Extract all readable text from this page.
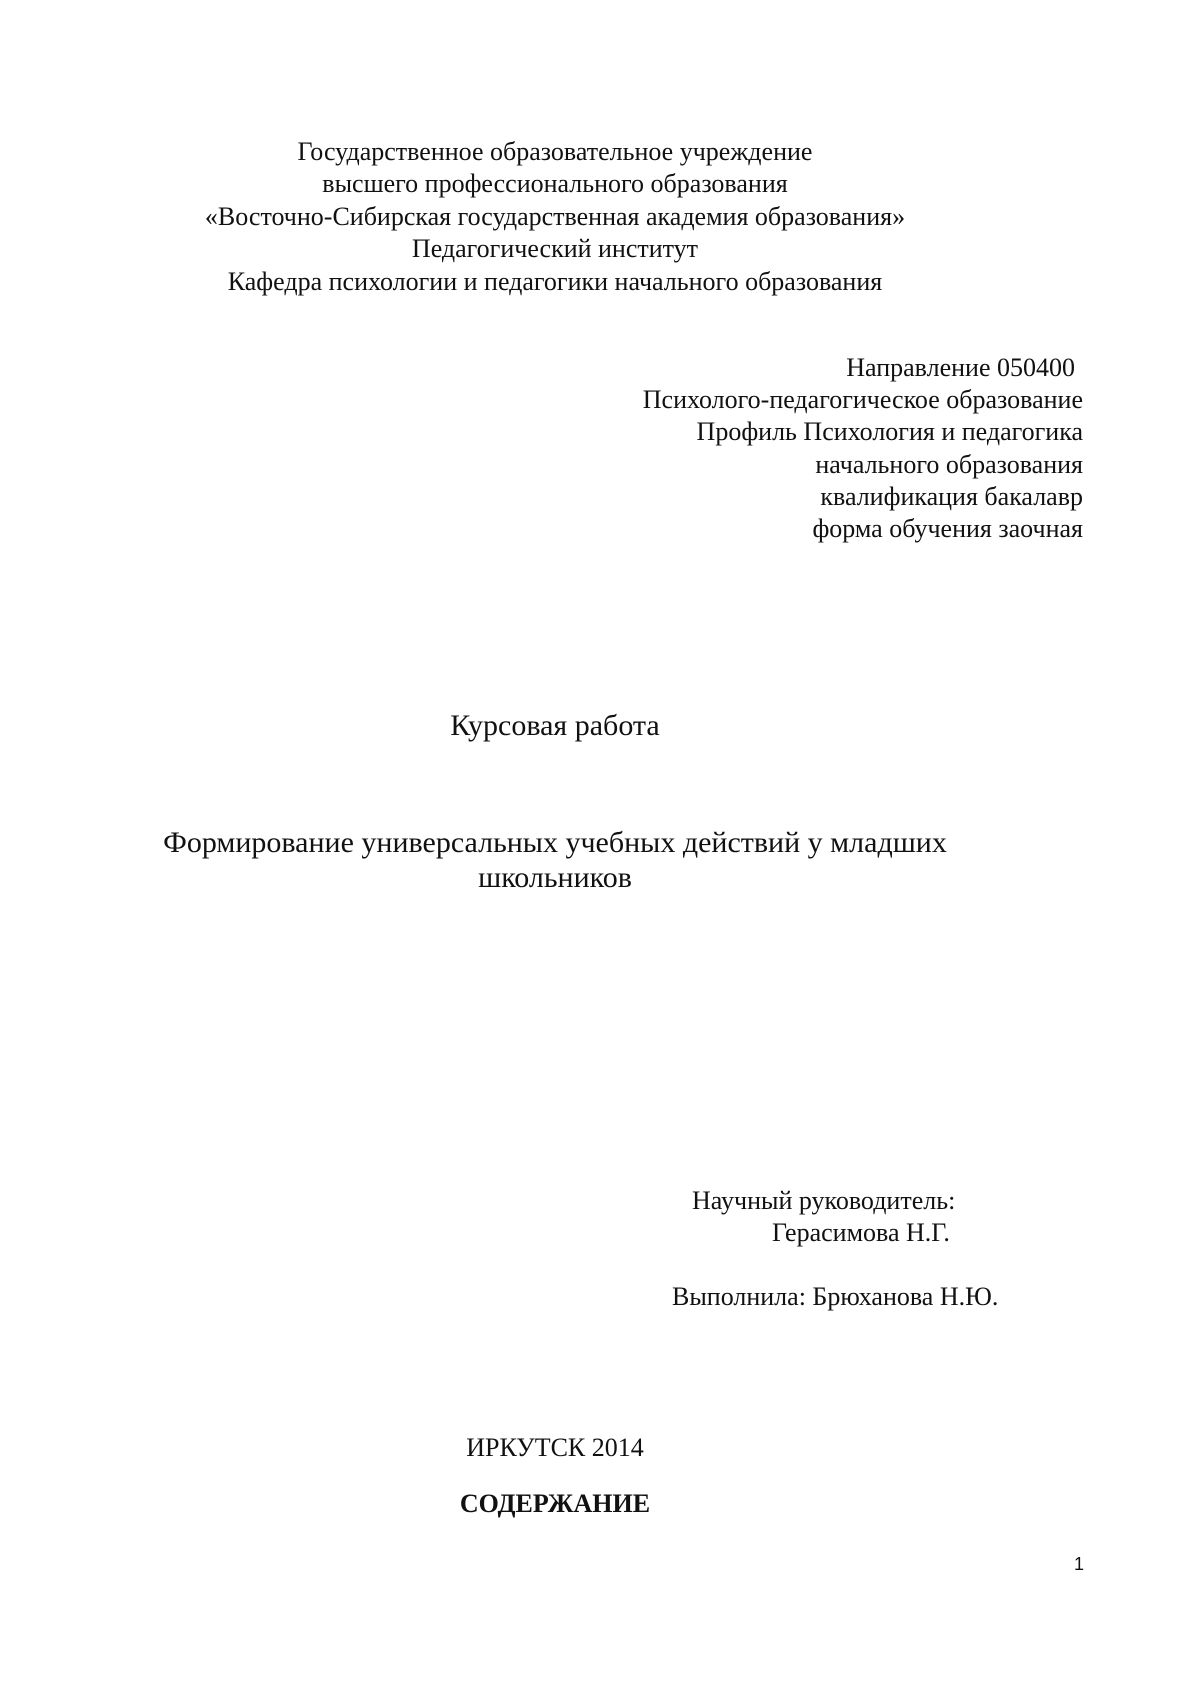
Государственное образовательное учреждение
высшего профессионального образования
«Восточно-Сибирская государственная академия образования»
Педагогический институт
Кафедра психологии и педагогики начального образования
Направление 050400
Психолого-педагогическое образование
Профиль Психология и педагогика
начального образования
квалификация бакалавр
форма обучения заочная
Курсовая работа
Формирование универсальных учебных действий у младших
школьников
Научный руководитель:
Герасимова Н.Г.
Выполнила: Брюханова Н.Ю.
ИРКУТСК 2014
СОДЕРЖАНИЕ
1
